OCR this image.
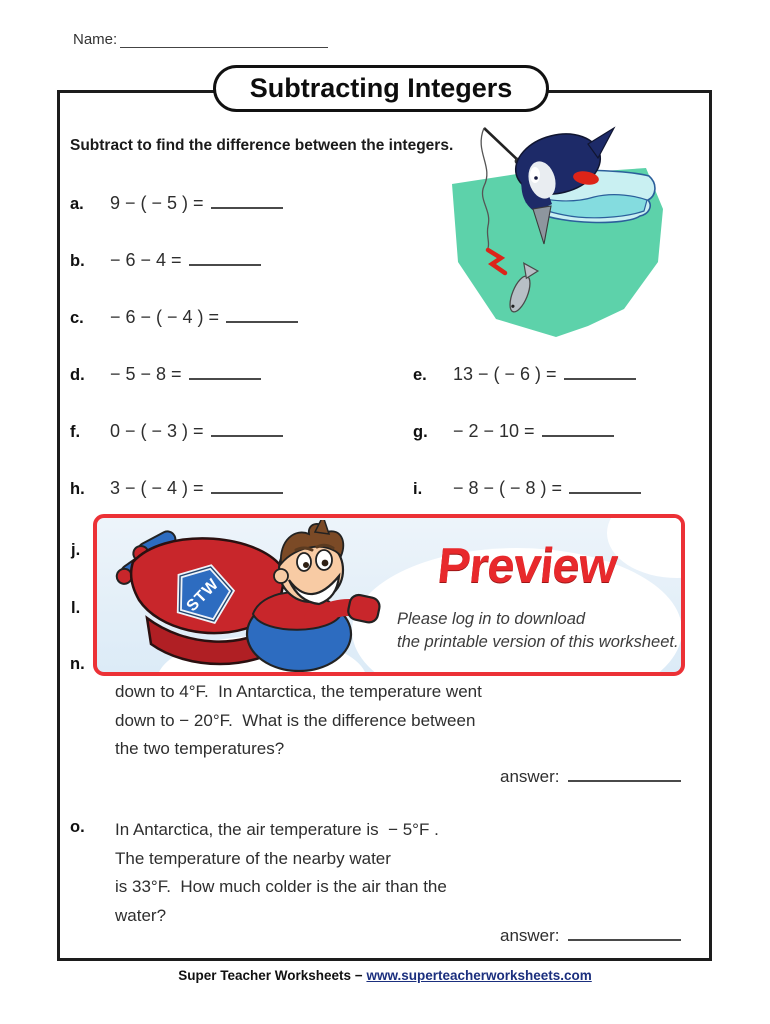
Name:
Subtracting Integers
Subtract to find the difference between the integers.
a.	9 − ( − 5 ) =
b.	− 6 − 4 =
c.	− 6 − ( − 4 ) =
d.	− 5 − 8 =	e.	13 − ( − 6 ) =
f.	0 − ( − 3 ) =	g.	− 2 − 10 =
h.	3 − ( − 4 ) =	i.	− 8 − ( − 8 ) =
j.
l.	STW
Preview
Please log in to download
the printable version of this worksheet.
n.
down to 4°F.  In Antarctica, the temperature went
down to − 20°F.  What is the difference between
the two temperatures?
answer:
o. In Antarctica, the air temperature is  − 5°F .
The temperature of the nearby water
is 33°F.  How much colder is the air than the
water?
answer:
Super Teacher Worksheets − www.superteacherworksheets.com
